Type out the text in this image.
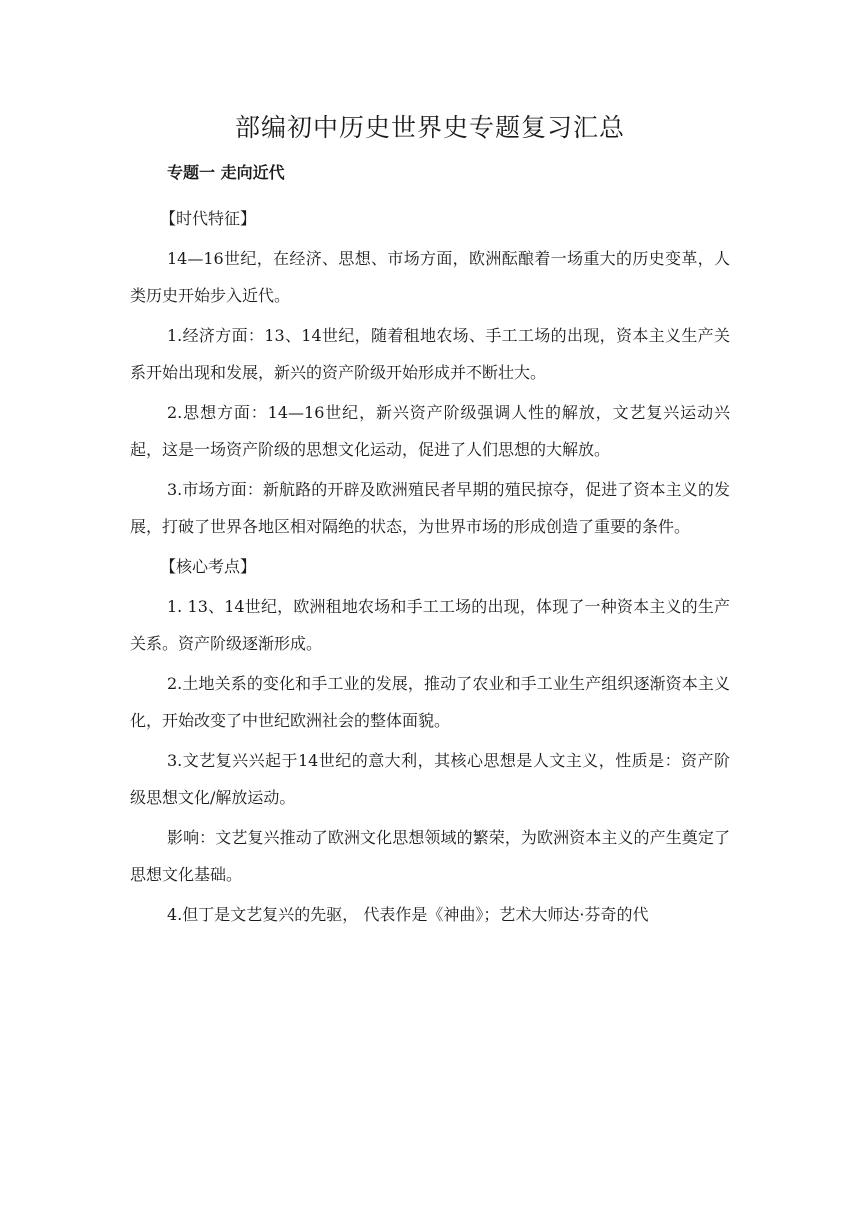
部编初中历史世界史专题复习汇总
专题一 走向近代

【时代特征】

14—16世纪，在经济、思想、市场方面，欧洲酝酿着一场重大的历史变革，人类历史开始步入近代。

1.经济方面：13、14世纪，随着租地农场、手工工场的出现，资本主义生产关系开始出现和发展，新兴的资产阶级开始形成并不断壮大。

2.思想方面：14—16世纪，新兴资产阶级强调人性的解放，文艺复兴运动兴起，这是一场资产阶级的思想文化运动，促进了人们思想的大解放。

3.市场方面：新航路的开辟及欧洲殖民者早期的殖民掠夺，促进了资本主义的发展，打破了世界各地区相对隔绝的状态，为世界市场的形成创造了重要的条件。

【核心考点】

1. 13、14世纪，欧洲租地农场和手工工场的出现，体现了一种资本主义的生产关系。资产阶级逐渐形成。

2.土地关系的变化和手工业的发展，推动了农业和手工业生产组织逐渐资本主义化，开始改变了中世纪欧洲社会的整体面貌。

3.文艺复兴兴起于14世纪的意大利，其核心思想是人文主义，性质是：资产阶级思想文化/解放运动。

影响：文艺复兴推动了欧洲文化思想领域的繁荣，为欧洲资本主义的产生奠定了思想文化基础。

4.但丁是文艺复兴的先驱， 代表作是《神曲》；艺术大师达·芬奇的代
